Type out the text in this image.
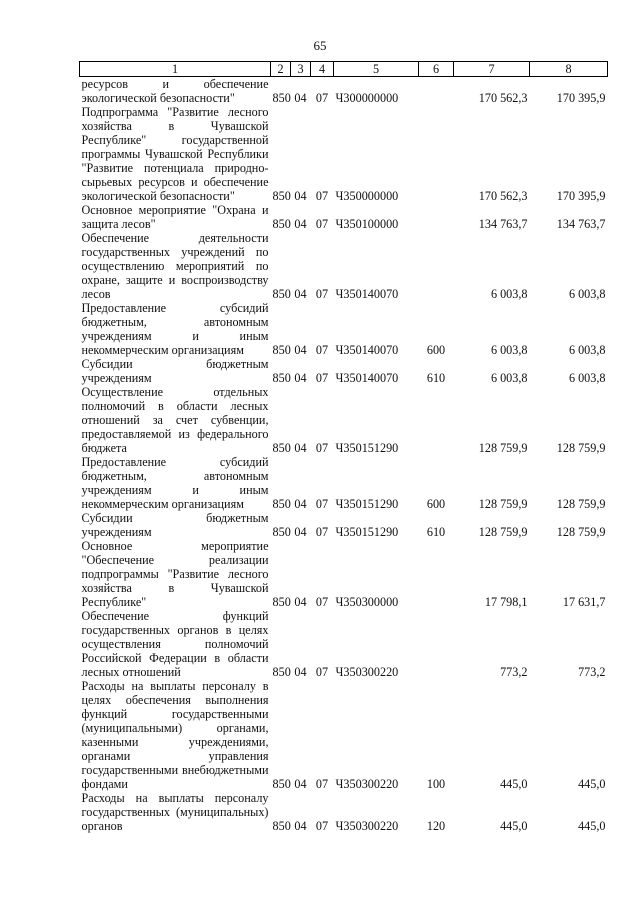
65
1	2	3	4	5	6	7	8
ресурсов и обеспечение экологической безопасности"	850	04	07	Ч300000000		170 562,3	170 395,9
Подпрограмма "Развитие лесного хозяйства в Чувашской Республике" государственной программы Чувашской Республики "Развитие потенциала природно-сырьевых ресурсов и обеспечение экологической безопасности"	850	04	07	Ч350000000		170 562,3	170 395,9
Основное мероприятие "Охрана и защита лесов"	850	04	07	Ч350100000		134 763,7	134 763,7
Обеспечение деятельности государственных учреждений по осуществлению мероприятий по охране, защите и воспроизводству лесов	850	04	07	Ч350140070		6 003,8	6 003,8
Предоставление субсидий бюджетным, автономным учреждениям и иным некоммерческим организациям	850	04	07	Ч350140070	600	6 003,8	6 003,8
Субсидии бюджетным учреждениям	850	04	07	Ч350140070	610	6 003,8	6 003,8
Осуществление отдельных полномочий в области лесных отношений за счет субвенции, предоставляемой из федерального бюджета	850	04	07	Ч350151290		128 759,9	128 759,9
Предоставление субсидий бюджетным, автономным учреждениям и иным некоммерческим организациям	850	04	07	Ч350151290	600	128 759,9	128 759,9
Субсидии бюджетным учреждениям	850	04	07	Ч350151290	610	128 759,9	128 759,9
Основное мероприятие "Обеспечение реализации подпрограммы "Развитие лесного хозяйства в Чувашской Республике"	850	04	07	Ч350300000		17 798,1	17 631,7
Обеспечение функций государственных органов в целях осуществления полномочий Российской Федерации в области лесных отношений	850	04	07	Ч350300220		773,2	773,2
Расходы на выплаты персоналу в целях обеспечения выполнения функций государственными (муниципальными) органами, казенными учреждениями, органами управления государственными внебюджетными фондами	850	04	07	Ч350300220	100	445,0	445,0
Расходы на выплаты персоналу государственных (муниципальных) органов	850	04	07	Ч350300220	120	445,0	445,0
